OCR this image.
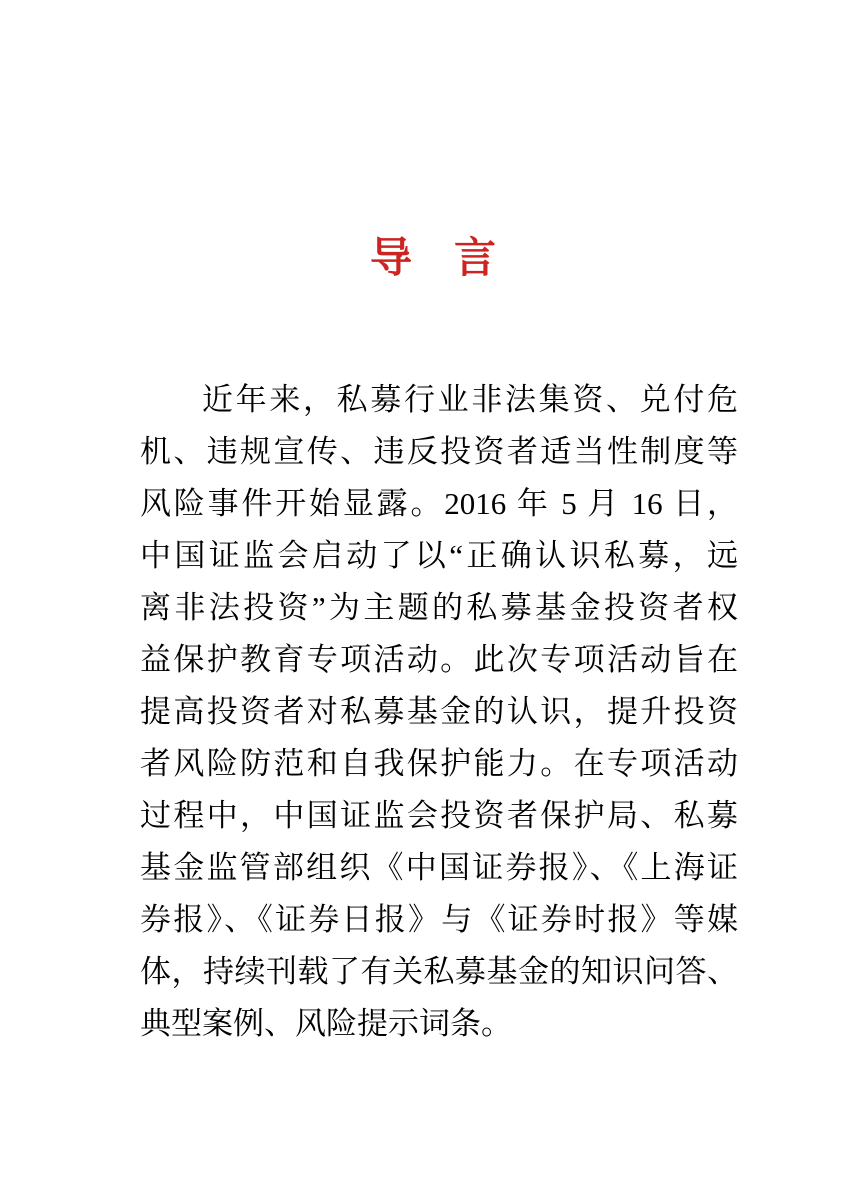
导　言
近年来，私募行业非法集资、兑付危
机、违规宣传、违反投资者适当性制度等
风险事件开始显露。2016 年 5 月 16 日，
中国证监会启动了以“正确认识私募，远
离非法投资”为主题的私募基金投资者权
益保护教育专项活动。此次专项活动旨在
提高投资者对私募基金的认识，提升投资
者风险防范和自我保护能力。在专项活动
过程中，中国证监会投资者保护局、私募
基金监管部组织《中国证券报》、《上海证
券报》、《证券日报》与《证券时报》等媒
体，持续刊载了有关私募基金的知识问答、
典型案例、风险提示词条。
